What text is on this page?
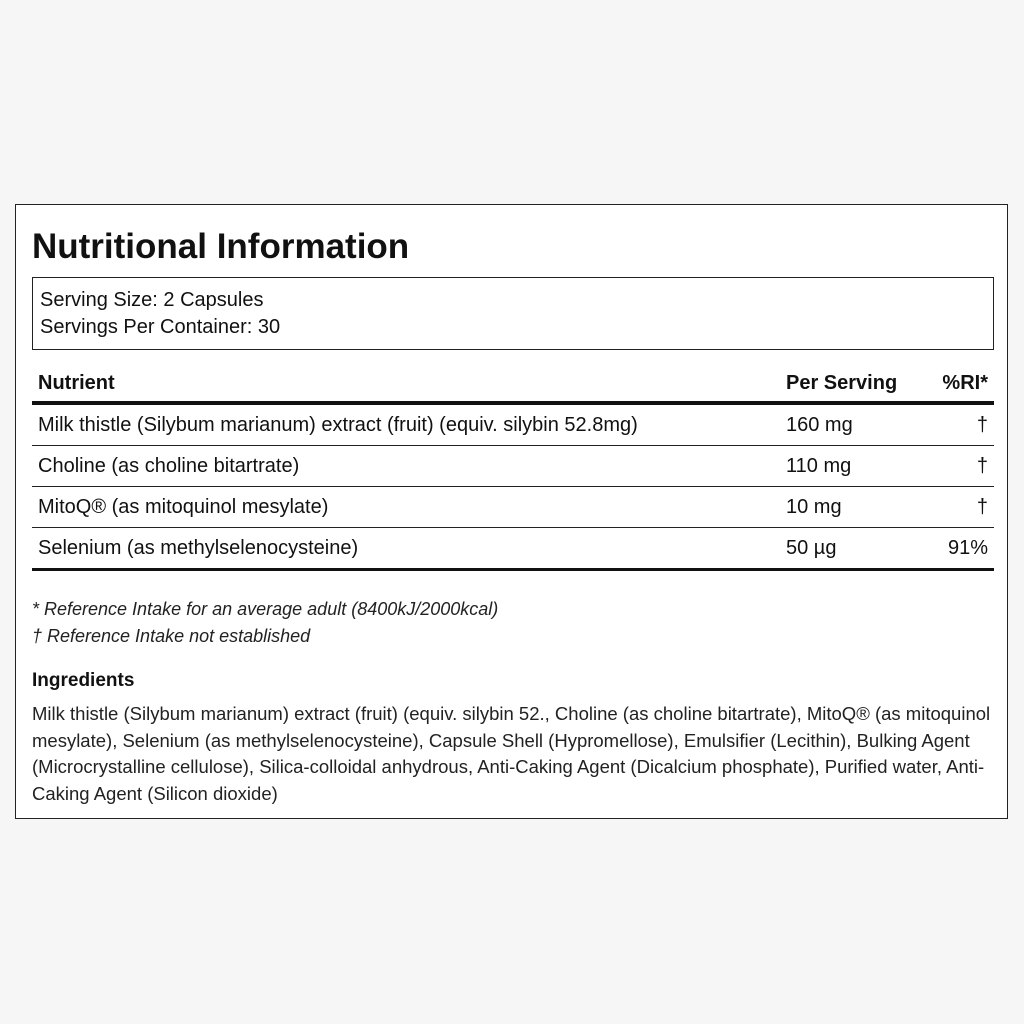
Nutritional Information
Serving Size: 2 Capsules
Servings Per Container: 30
Nutrient	Per Serving %RI*
Milk thistle (Silybum marianum) extract (fruit) (equiv. silybin 52.8mg)	160 mg	†
Choline (as choline bitartrate)	110 mg	†
MitoQ® (as mitoquinol mesylate)	10 mg	†
Selenium (as methylselenocysteine)	50 µg	91%
* Reference Intake for an average adult (8400kJ/2000kcal)
† Reference Intake not established
Ingredients

Milk thistle (Silybum marianum) extract (fruit) (equiv. silybin 52., Choline (as choline bitartrate), MitoQ® (as mitoquinol mesylate), Selenium (as methylselenocysteine), Capsule Shell (Hypromellose), Emulsifier (Lecithin), Bulking Agent (Microcrystalline cellulose), Silica-colloidal anhydrous, Anti-Caking Agent (Dicalcium phosphate), Purified water, Anti-Caking Agent (Silicon dioxide)
